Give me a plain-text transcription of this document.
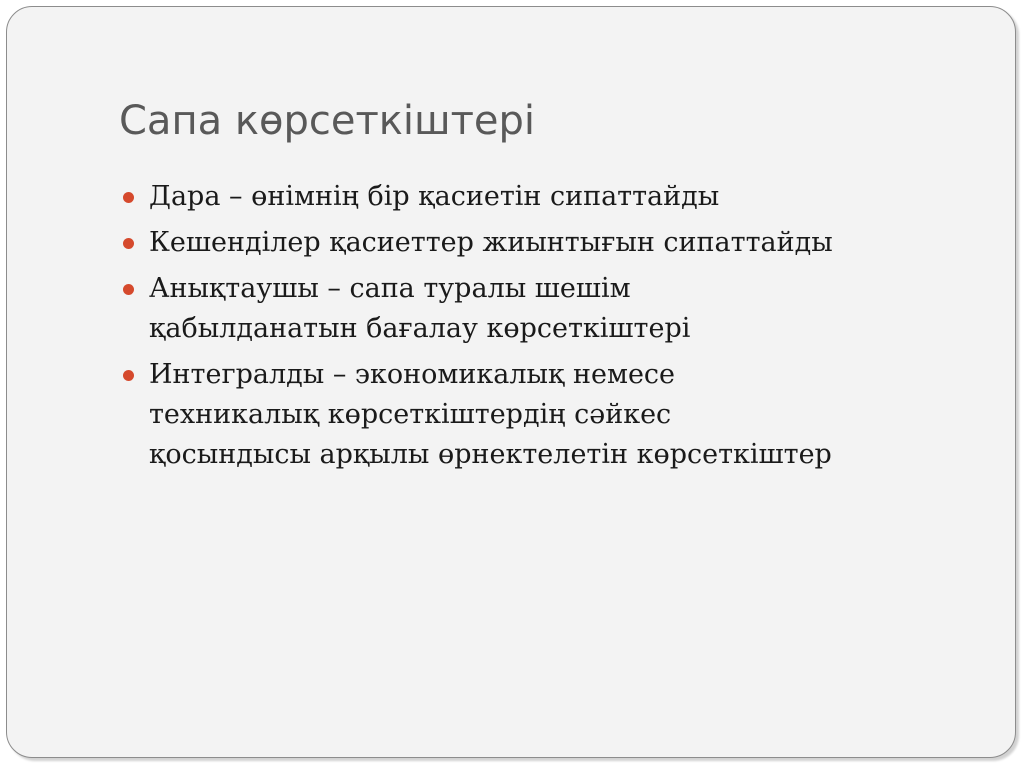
Сапа көрсеткіштері
Дара – өнімнің бір қасиетін сипаттайды
Кешенділер қасиеттер жиынтығын сипаттайды
Анықтаушы – сапа туралы шешім
қабылданатын бағалау көрсеткіштері
Интегралды – экономикалық немесе
техникалық көрсеткіштердің сәйкес
қосындысы арқылы өрнектелетін көрсеткіштер
